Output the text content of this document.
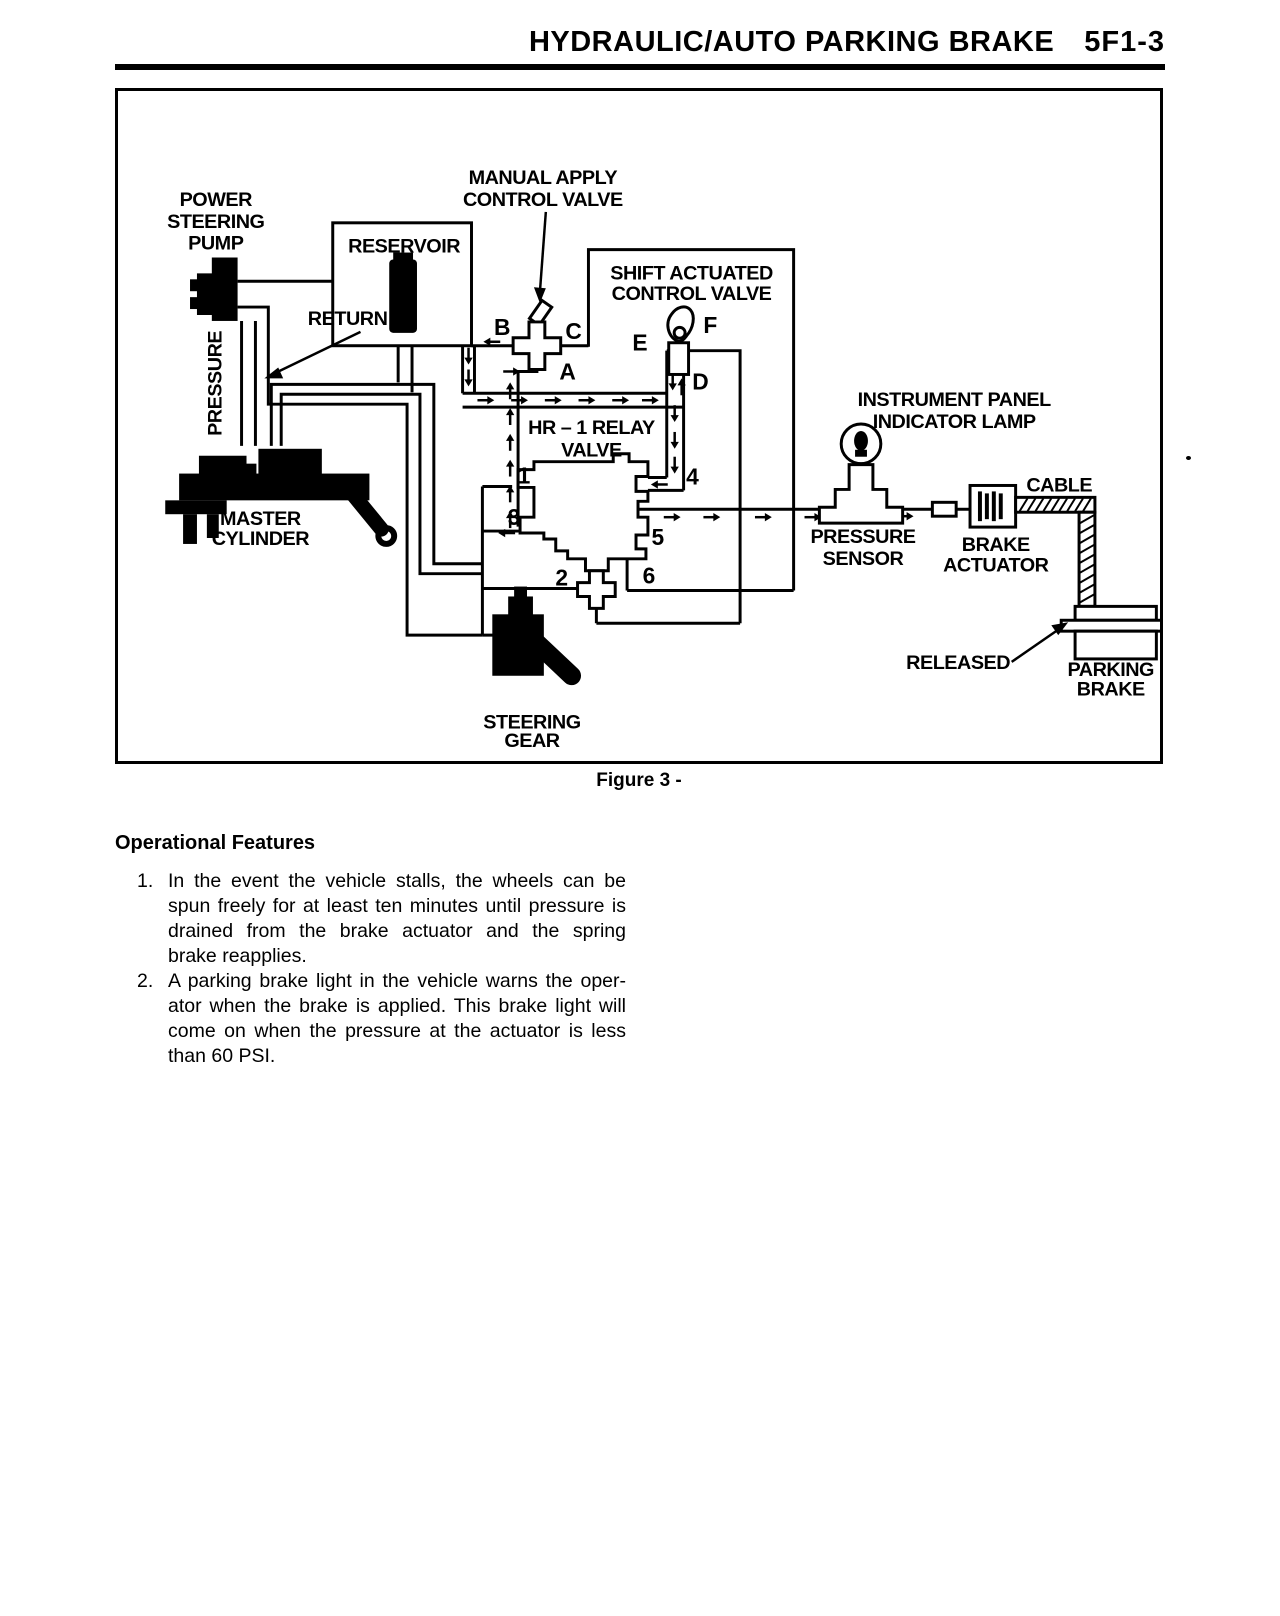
HYDRAULIC/AUTO PARKING BRAKE 5F1-3
POWER
STEERING
PUMP	RESERVOIR
MANUAL APPLY
CONTROL VALVE
SHIFT ACTUATED
CONTROL VALVE
RETURN
PRESSURE
MASTER
CYLINDER
HR – 1 RELAY
VALVE
INSTRUMENT PANEL
INDICATOR LAMP
PRESSURE
SENSOR
BRAKE
ACTUATOR
CABLE
RELEASED	PARKING
BRAKE
STEERING
GEAR
B C
A
E
F
D
1
3
2
4
5
6
Figure 3 -
Operational Features
1. In the event the vehicle stalls, the wheels can be
spun freely for at least ten minutes until pressure is
drained from the brake actuator and the spring
brake reapplies.
2. A parking brake light in the vehicle warns the oper-
ator when the brake is applied. This brake light will
come on when the pressure at the actuator is less
than 60 PSI.
